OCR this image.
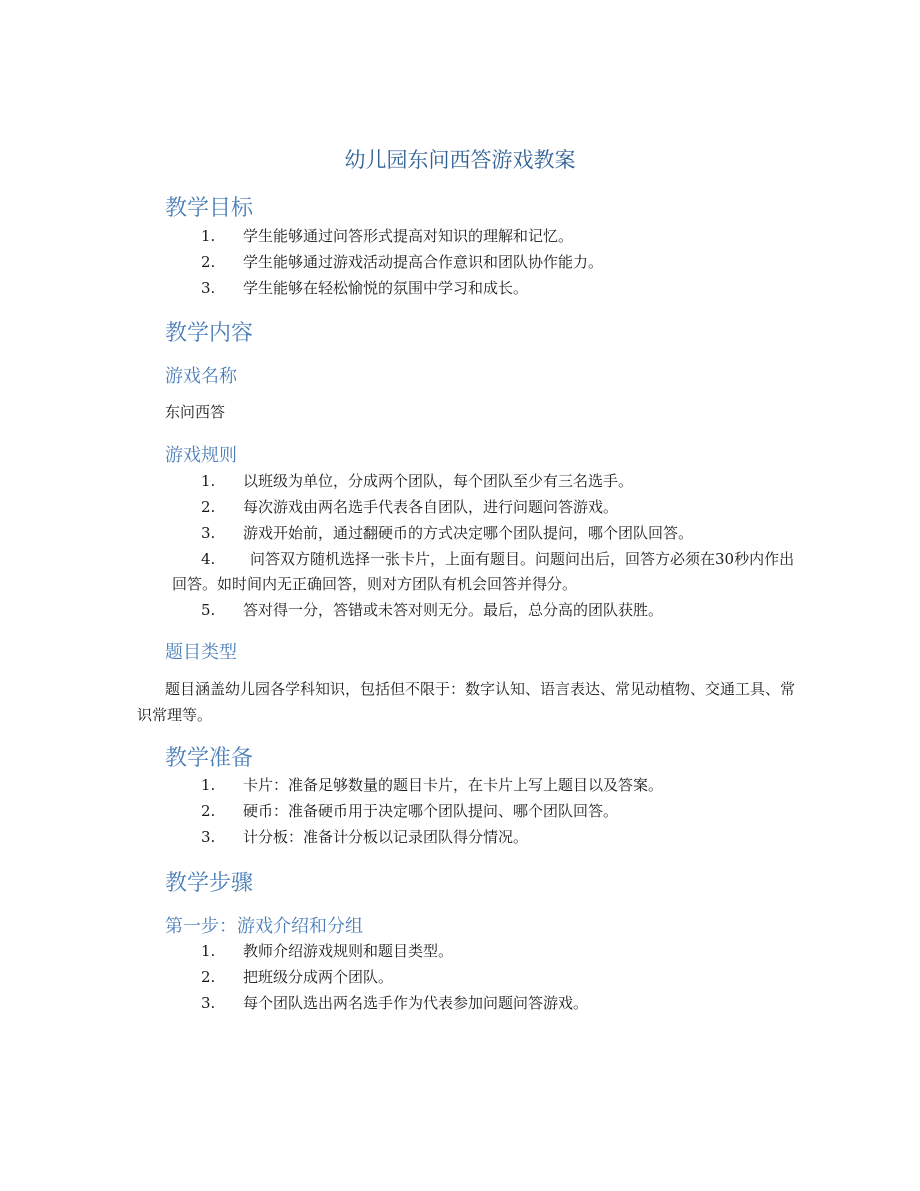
幼儿园东问西答游戏教案
教学目标
1.	学生能够通过问答形式提高对知识的理解和记忆。
2.	学生能够通过游戏活动提高合作意识和团队协作能力。
3.	学生能够在轻松愉悦的氛围中学习和成长。
教学内容
游戏名称
东问西答
游戏规则
1.	以班级为单位，分成两个团队，每个团队至少有三名选手。
2.	每次游戏由两名选手代表各自团队，进行问题问答游戏。
3.	游戏开始前，通过翻硬币的方式决定哪个团队提问，哪个团队回答。
4.	问答双方随机选择一张卡片，上面有题目。问题问出后，回答方必须在30秒内作出回答。如时间内无正确回答，则对方团队有机会回答并得分。
5.	答对得一分，答错或未答对则无分。最后，总分高的团队获胜。
题目类型
题目涵盖幼儿园各学科知识，包括但不限于：数字认知、语言表达、常见动植物、交通工具、常识常理等。
教学准备
1.	卡片：准备足够数量的题目卡片，在卡片上写上题目以及答案。
2.	硬币：准备硬币用于决定哪个团队提问、哪个团队回答。
3.	计分板：准备计分板以记录团队得分情况。
教学步骤
第一步：游戏介绍和分组
1.	教师介绍游戏规则和题目类型。
2.	把班级分成两个团队。
3.	每个团队选出两名选手作为代表参加问题问答游戏。
